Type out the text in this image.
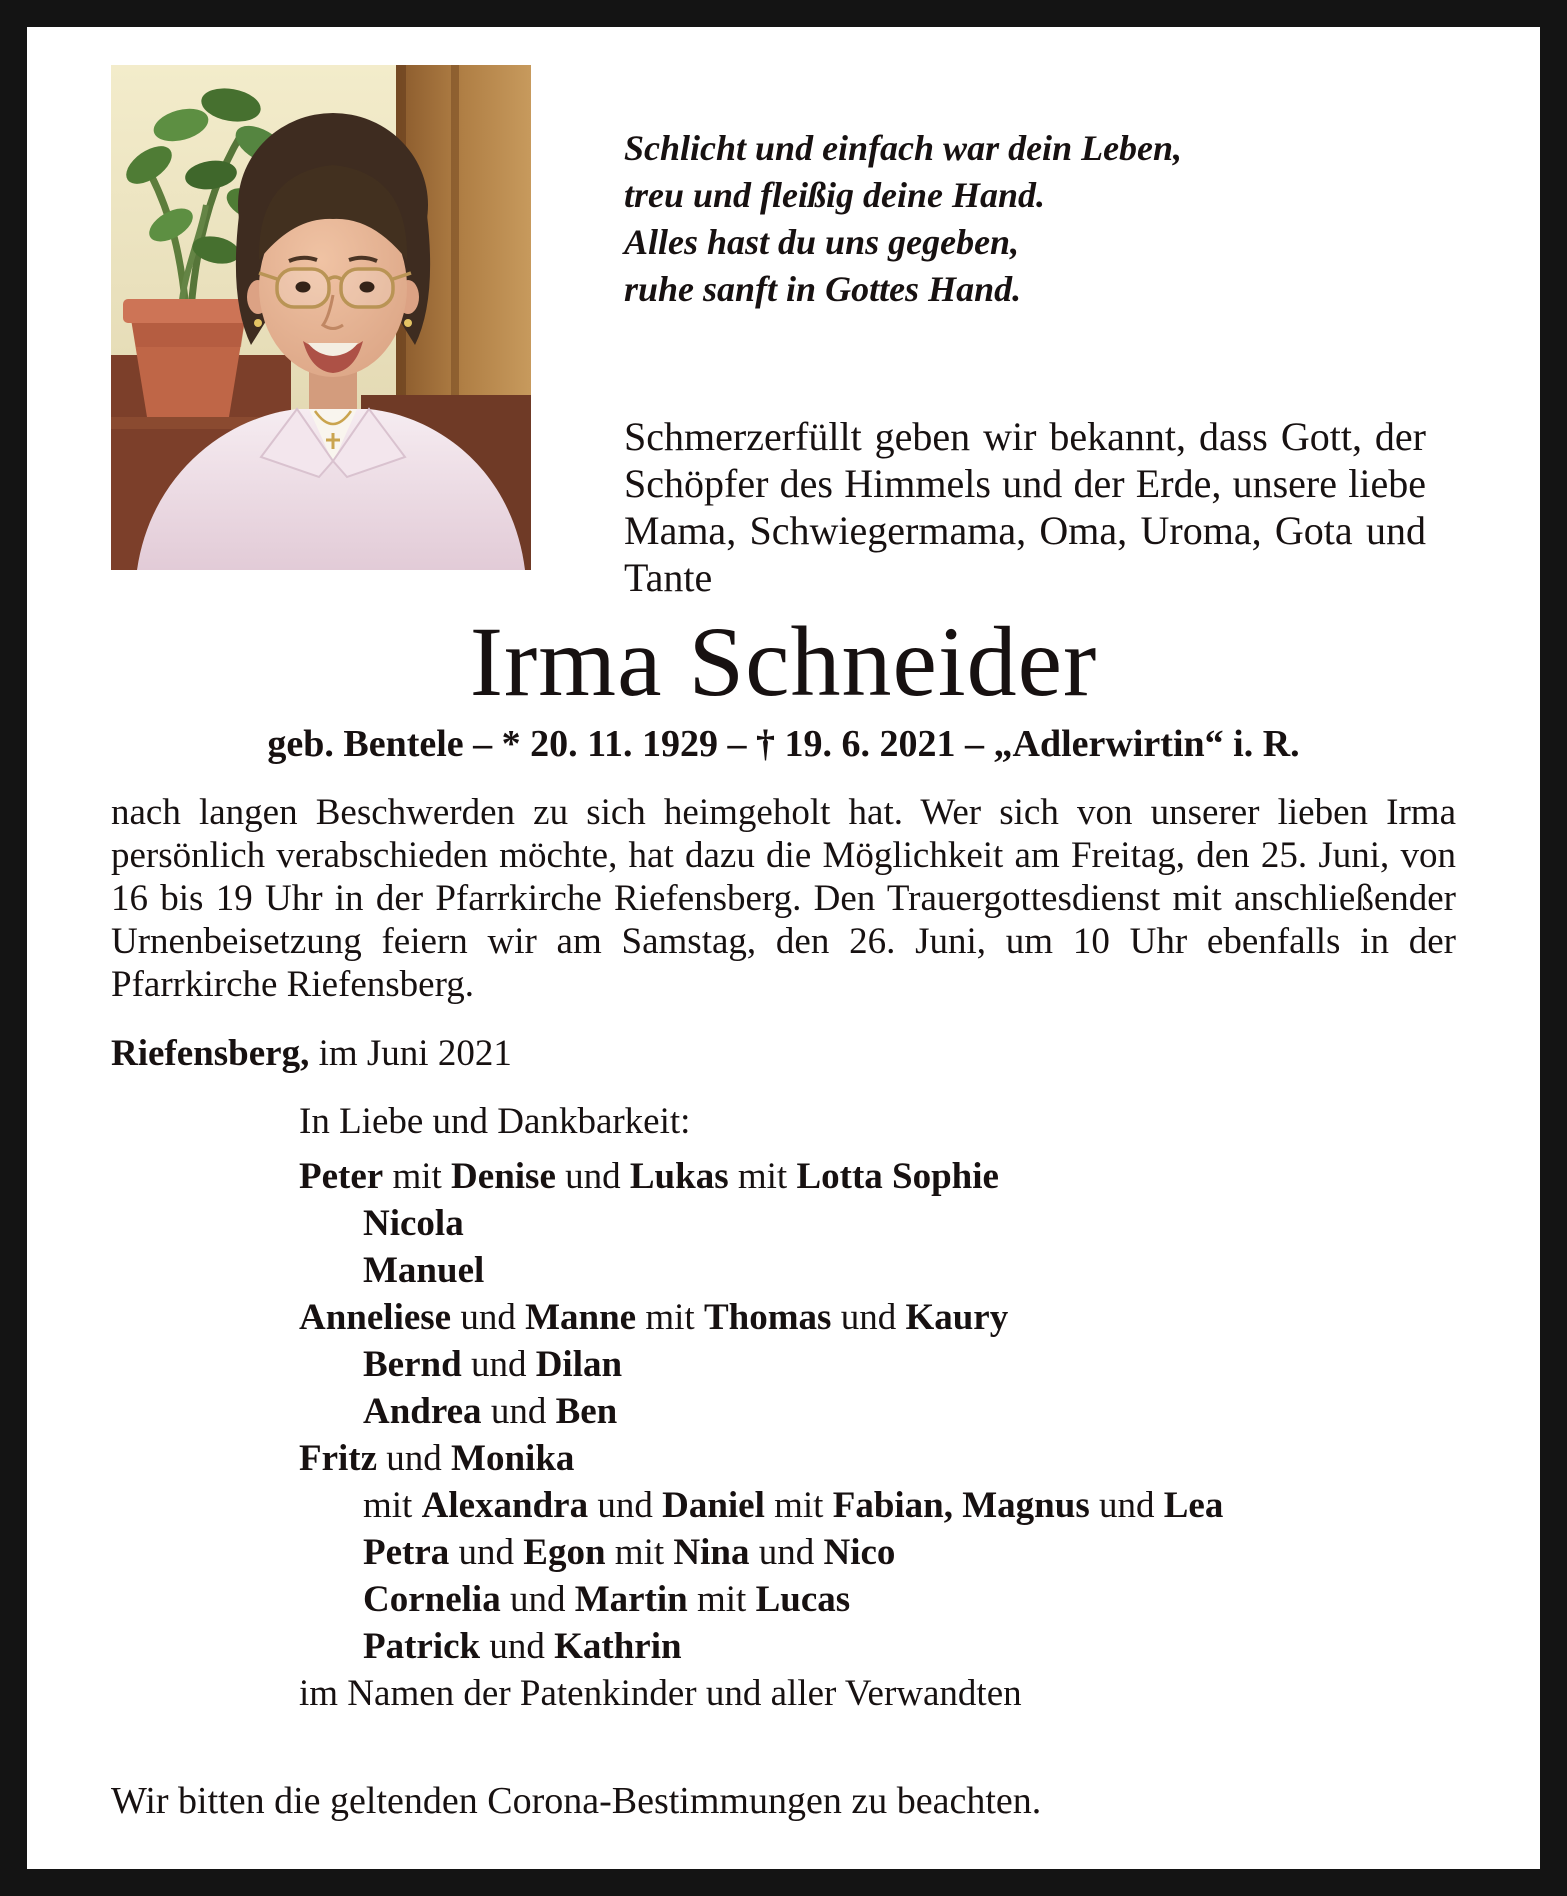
Schlicht und einfach war dein Leben,
treu und fleißig deine Hand.
Alles hast du uns gegeben,
ruhe sanft in Gottes Hand.

Schmerzerfüllt geben wir bekannt, dass Gott, der Schöpfer des Himmels und der Erde, unsere liebe Mama, Schwiegermama, Oma, Uroma, Gota und Tante

Irma Schneider
geb. Bentele – * 20. 11. 1929 – † 19. 6. 2021 – „Adlerwirtin“ i. R.

nach langen Beschwerden zu sich heimgeholt hat. Wer sich von unserer lieben Irma persönlich verabschieden möchte, hat dazu die Möglichkeit am Freitag, den 25. Juni, von 16 bis 19 Uhr in der Pfarrkirche Riefensberg. Den Trauergottesdienst mit anschließender Urnenbeisetzung feiern wir am Samstag, den 26. Juni, um 10 Uhr ebenfalls in der Pfarrkirche Riefensberg.

Riefensberg, im Juni 2021
In Liebe und Dankbarkeit:
Peter mit Denise und Lukas mit Lotta Sophie
Nicola
Manuel
Anneliese und Manne mit Thomas und Kaury
Bernd und Dilan
Andrea und Ben
Fritz und Monika
mit Alexandra und Daniel mit Fabian, Magnus und Lea
Petra und Egon mit Nina und Nico
Cornelia und Martin mit Lucas
Patrick und Kathrin
im Namen der Patenkinder und aller Verwandten
Wir bitten die geltenden Corona-Bestimmungen zu beachten.
